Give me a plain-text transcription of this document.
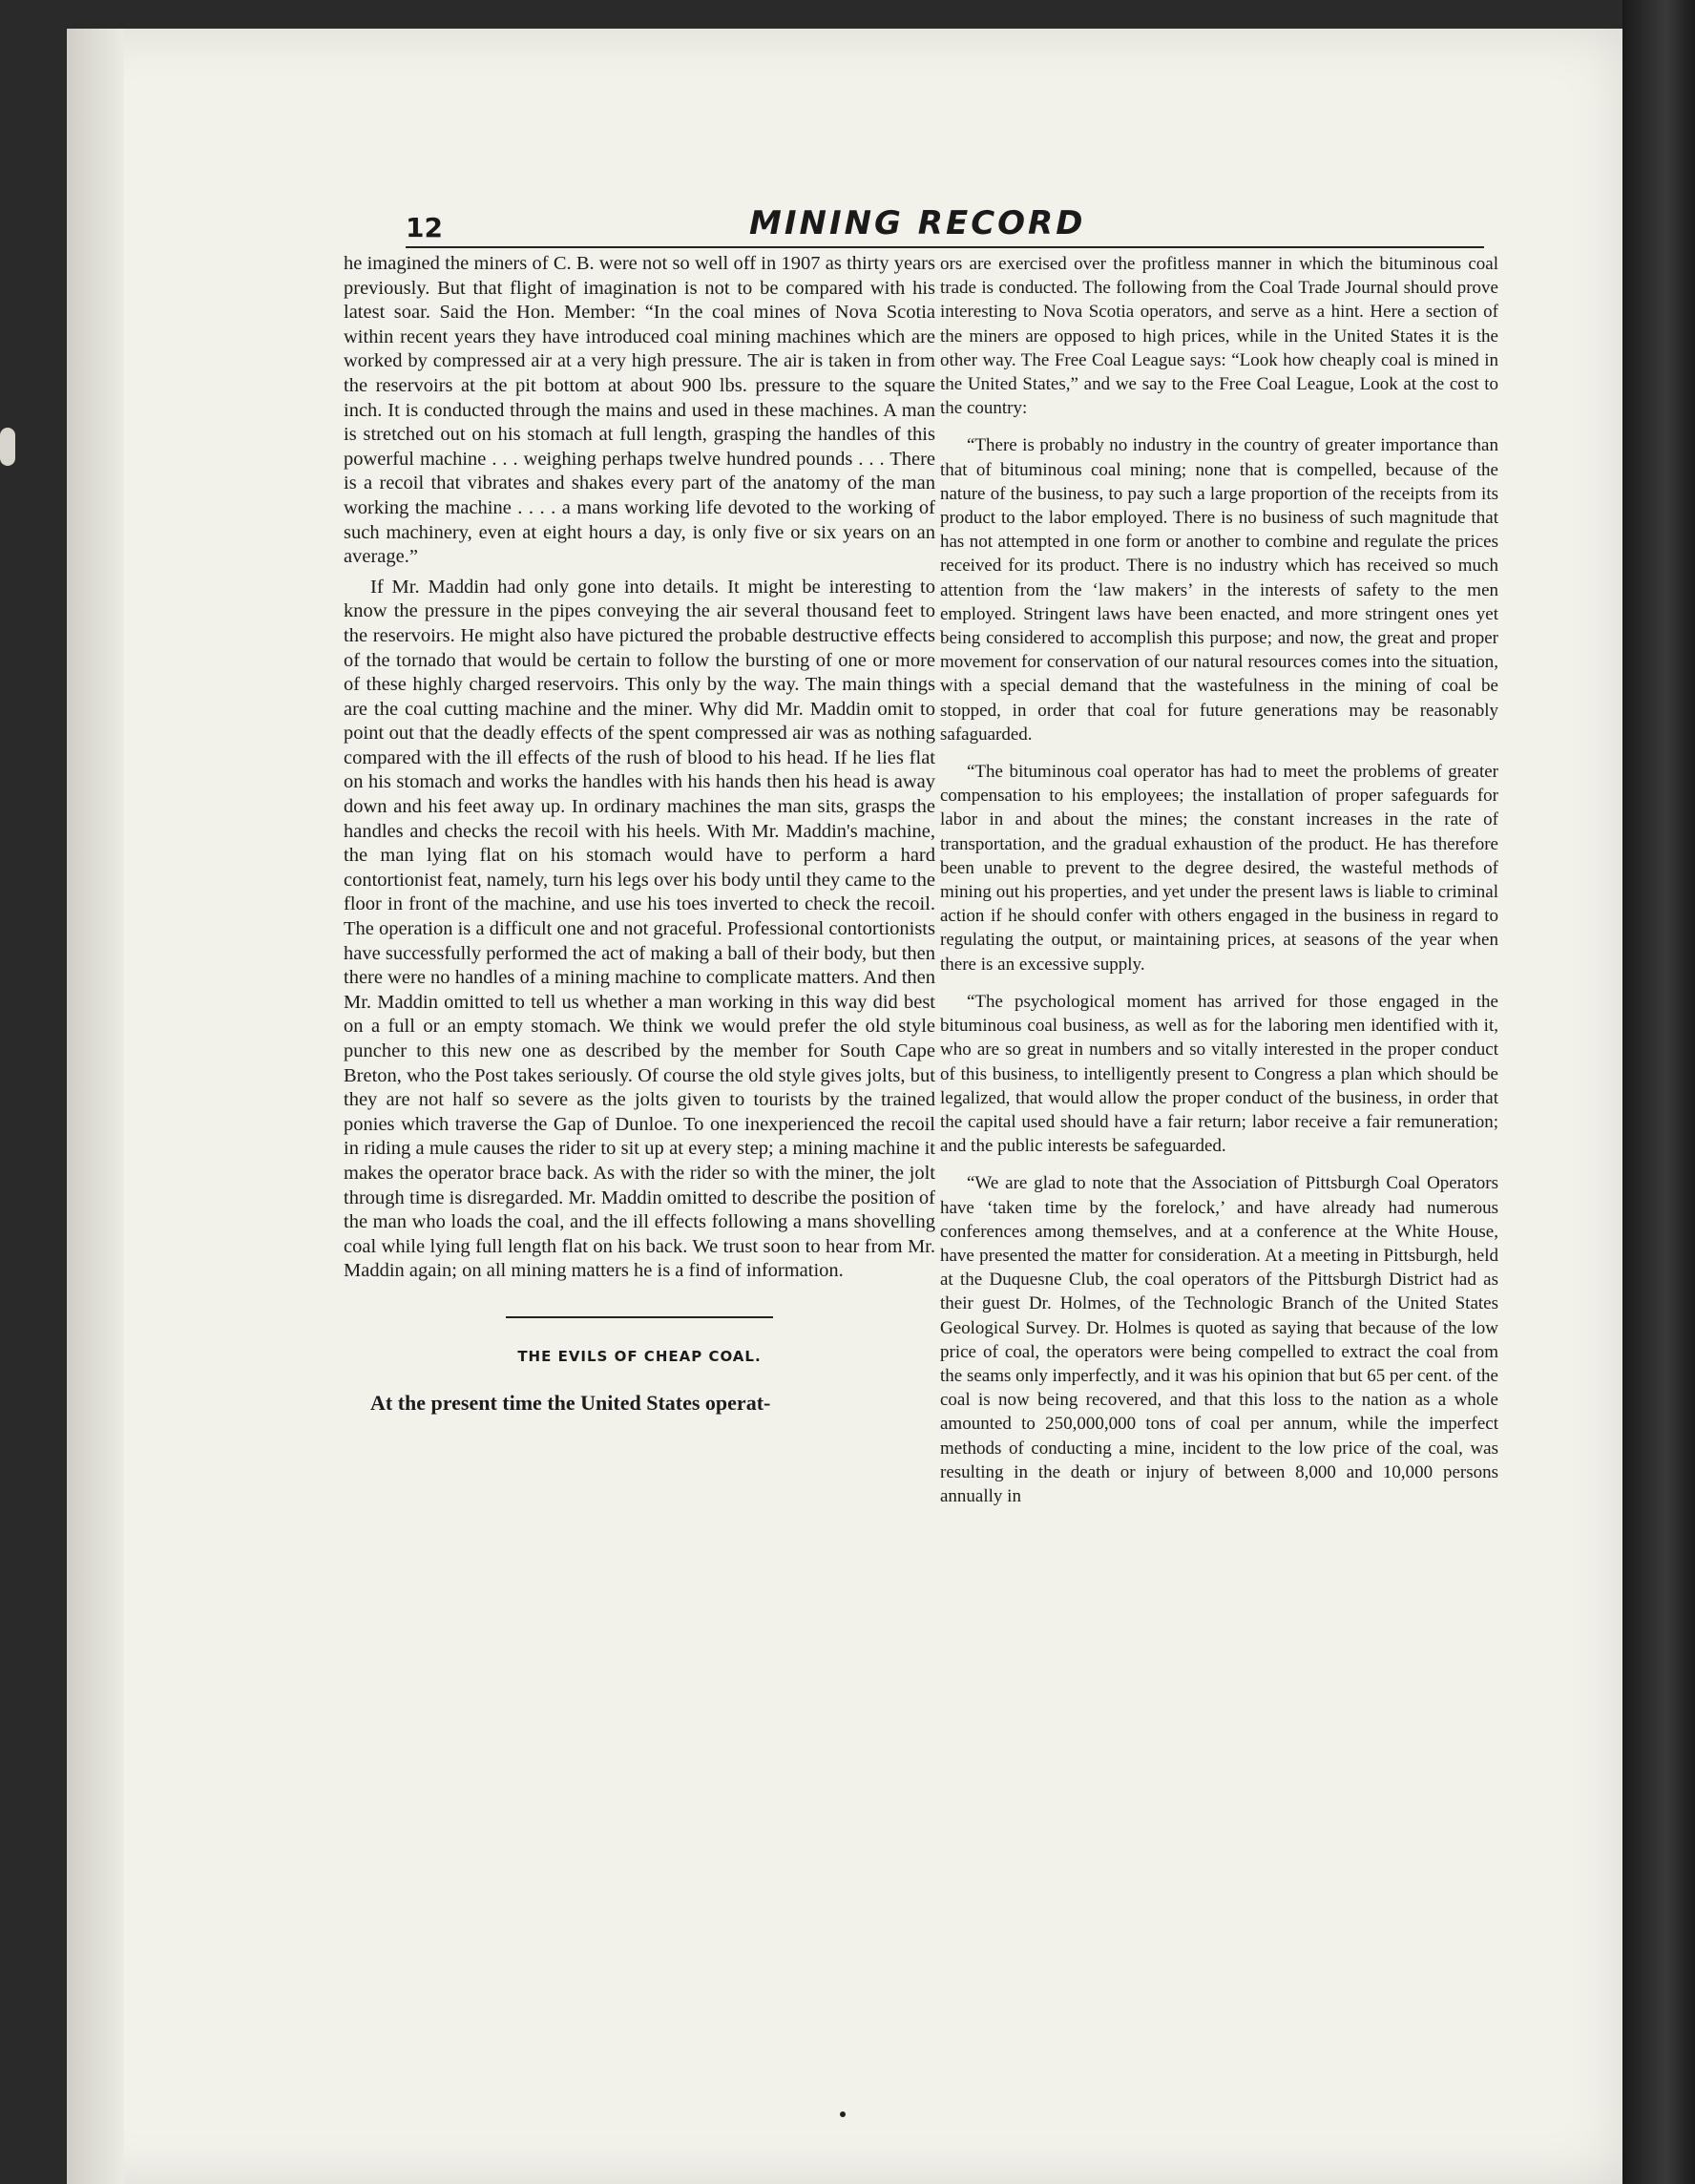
12	MINING RECORD

he imagined the miners of C. B. were not so well off in 1907 as thirty years previously. But that flight of imagination is not to be compared with his latest soar. Said the Hon. Member: “In the coal mines of Nova Scotia within recent years they have introduced coal mining machines which are worked by compressed air at a very high pressure. The air is taken in from the reservoirs at the pit bottom at about 900 lbs. pressure to the square inch. It is conducted through the mains and used in these machines. A man is stretched out on his stomach at full length, grasping the handles of this powerful machine . . . weighing perhaps twelve hundred pounds . . . There is a recoil that vibrates and shakes every part of the anatomy of the man working the machine . . . . a mans working life devoted to the working of such machinery, even at eight hours a day, is only five or six years on an average.”

If Mr. Maddin had only gone into details. It might be interesting to know the pressure in the pipes conveying the air several thousand feet to the reservoirs. He might also have pictured the probable destructive effects of the tornado that would be certain to follow the bursting of one or more of these highly charged reservoirs. This only by the way. The main things are the coal cutting machine and the miner. Why did Mr. Maddin omit to point out that the deadly effects of the spent compressed air was as nothing compared with the ill effects of the rush of blood to his head. If he lies flat on his stomach and works the handles with his hands then his head is away down and his feet away up. In ordinary machines the man sits, grasps the handles and checks the recoil with his heels. With Mr. Maddin's machine, the man lying flat on his stomach would have to perform a hard contortionist feat, namely, turn his legs over his body until they came to the floor in front of the machine, and use his toes inverted to check the recoil. The operation is a difficult one and not graceful. Professional contortionists have successfully performed the act of making a ball of their body, but then there were no handles of a mining machine to complicate matters. And then Mr. Maddin omitted to tell us whether a man working in this way did best on a full or an empty stomach. We think we would prefer the old style puncher to this new one as described by the member for South Cape Breton, who the Post takes seriously. Of course the old style gives jolts, but they are not half so severe as the jolts given to tourists by the trained ponies which traverse the Gap of Dunloe. To one inexperienced the recoil in riding a mule causes the rider to sit up at every step; a mining machine it makes the operator brace back. As with the rider so with the miner, the jolt through time is disregarded. Mr. Maddin omitted to describe the position of the man who loads the coal, and the ill effects following a mans shovelling coal while lying full length flat on his back. We trust soon to hear from Mr. Maddin again; on all mining matters he is a find of information.

THE EVILS OF CHEAP COAL.

At the present time the United States operat-

ors are exercised over the profitless manner in which the bituminous coal trade is conducted. The following from the Coal Trade Journal should prove interesting to Nova Scotia operators, and serve as a hint. Here a section of the miners are opposed to high prices, while in the United States it is the other way. The Free Coal League says: “Look how cheaply coal is mined in the United States,” and we say to the Free Coal League, Look at the cost to the country:

“There is probably no industry in the country of greater importance than that of bituminous coal mining; none that is compelled, because of the nature of the business, to pay such a large proportion of the receipts from its product to the labor employed. There is no business of such magnitude that has not attempted in one form or another to combine and regulate the prices received for its product. There is no industry which has received so much attention from the ‘law makers’ in the interests of safety to the men employed. Stringent laws have been enacted, and more stringent ones yet being considered to accomplish this purpose; and now, the great and proper movement for conservation of our natural resources comes into the situation, with a special demand that the wastefulness in the mining of coal be stopped, in order that coal for future generations may be reasonably safaguarded.

“The bituminous coal operator has had to meet the problems of greater compensation to his employees; the installation of proper safeguards for labor in and about the mines; the constant increases in the rate of transportation, and the gradual exhaustion of the product. He has therefore been unable to prevent to the degree desired, the wasteful methods of mining out his properties, and yet under the present laws is liable to criminal action if he should confer with others engaged in the business in regard to regulating the output, or maintaining prices, at seasons of the year when there is an excessive supply.

“The psychological moment has arrived for those engaged in the bituminous coal business, as well as for the laboring men identified with it, who are so great in numbers and so vitally interested in the proper conduct of this business, to intelligently present to Congress a plan which should be legalized, that would allow the proper conduct of the business, in order that the capital used should have a fair return; labor receive a fair remuneration; and the public interests be safeguarded.

“We are glad to note that the Association of Pittsburgh Coal Operators have ‘taken time by the forelock,’ and have already had numerous conferences among themselves, and at a conference at the White House, have presented the matter for consideration. At a meeting in Pittsburgh, held at the Duquesne Club, the coal operators of the Pittsburgh District had as their guest Dr. Holmes, of the Technologic Branch of the United States Geological Survey. Dr. Holmes is quoted as saying that because of the low price of coal, the operators were being compelled to extract the coal from the seams only imperfectly, and it was his opinion that but 65 per cent. of the coal is now being recovered, and that this loss to the nation as a whole amounted to 250,000,000 tons of coal per annum, while the imperfect methods of conducting a mine, incident to the low price of the coal, was resulting in the death or injury of between 8,000 and 10,000 persons annually in
